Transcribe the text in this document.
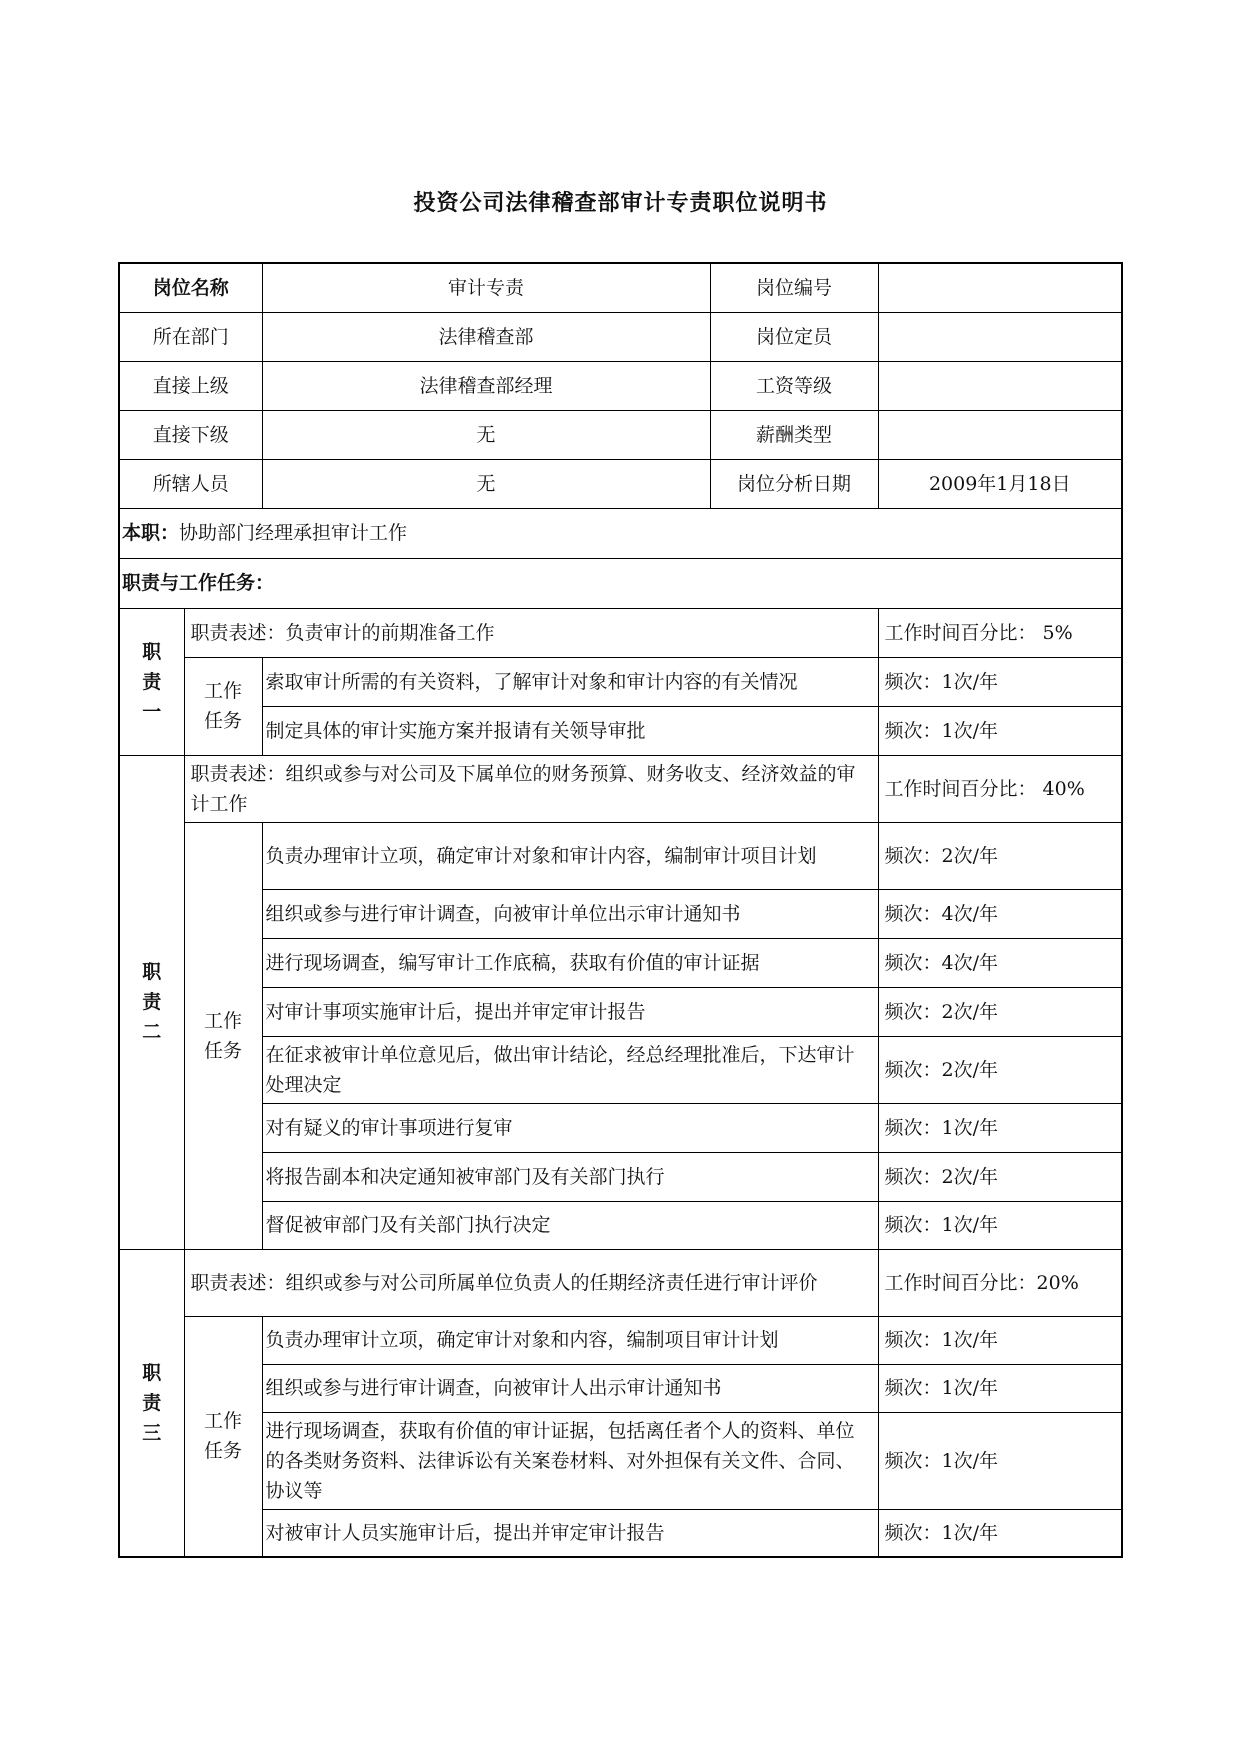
投资公司法律稽查部审计专责职位说明书
岗位名称		审计专责	岗位编号	
所在部门		法律稽查部	岗位定员	
直接上级		法律稽查部经理	工资等级	
直接下级		无	薪酬类型	
所辖人员		无	岗位分析日期	2009年1月18日
本职：协助部门经理承担审计工作				
职责与工作任务：				

职
责
一	职责表述：负责审计的前期准备工作			工作时间百分比： 5%

	工作
任务	索取审计所需的有关资料，了解审计对象和审计内容的有关情况		频次：1次/年
		制定具体的审计实施方案并报请有关领导审批		频次：1次/年

职
责
二	职责表述：组织或参与对公司及下属单位的财务预算、财务收支、经济效益的审计工作			工作时间百分比： 40%

	工作
任务	负责办理审计立项，确定审计对象和审计内容，编制审计项目计划		频次：2次/年
		组织或参与进行审计调查，向被审计单位出示审计通知书		频次：4次/年
		进行现场调查，编写审计工作底稿，获取有价值的审计证据		频次：4次/年
		对审计事项实施审计后，提出并审定审计报告		频次：2次/年
		在征求被审计单位意见后，做出审计结论，经总经理批准后，下达审计处理决定		频次：2次/年
		对有疑义的审计事项进行复审		频次：1次/年
		将报告副本和决定通知被审部门及有关部门执行		频次：2次/年
		督促被审部门及有关部门执行决定		频次：1次/年

职
责
三	职责表述：组织或参与对公司所属单位负责人的任期经济责任进行审计评价			工作时间百分比：20%

	工作
任务	负责办理审计立项，确定审计对象和内容，编制项目审计计划		频次：1次/年
		组织或参与进行审计调查，向被审计人出示审计通知书		频次：1次/年
		进行现场调查，获取有价值的审计证据，包括离任者个人的资料、单位的各类财务资料、法律诉讼有关案卷材料、对外担保有关文件、合同、协议等		频次：1次/年
		对被审计人员实施审计后，提出并审定审计报告		频次：1次/年
